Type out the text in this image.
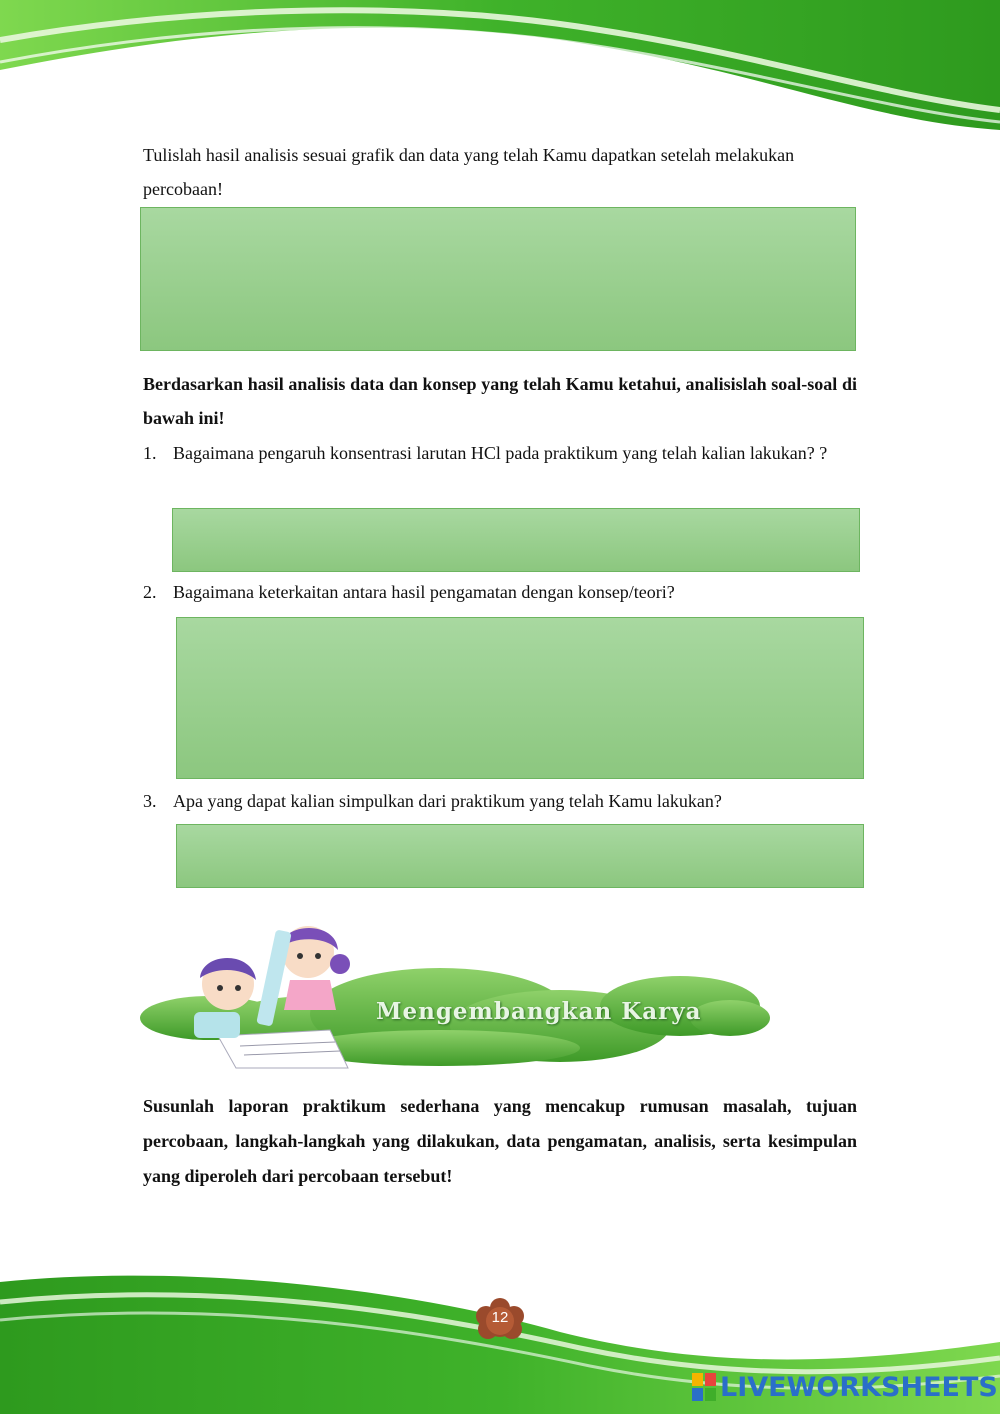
Tulislah hasil analisis sesuai grafik dan data yang telah Kamu dapatkan setelah melakukan
percobaan!
Berdasarkan hasil analisis data dan konsep yang telah Kamu ketahui, analisislah soal-soal di bawah ini!
1. Bagaimana pengaruh konsentrasi larutan HCl pada praktikum yang telah kalian lakukan? ?
2. Bagaimana keterkaitan antara hasil pengamatan dengan konsep/teori?
3. Apa yang dapat kalian simpulkan dari praktikum yang telah Kamu lakukan?
Mengembangkan Karya
Susunlah laporan praktikum sederhana yang mencakup rumusan masalah, tujuan percobaan, langkah-langkah yang dilakukan, data pengamatan, analisis, serta kesimpulan yang diperoleh dari percobaan tersebut!
12
LIVEWORKSHEETS
